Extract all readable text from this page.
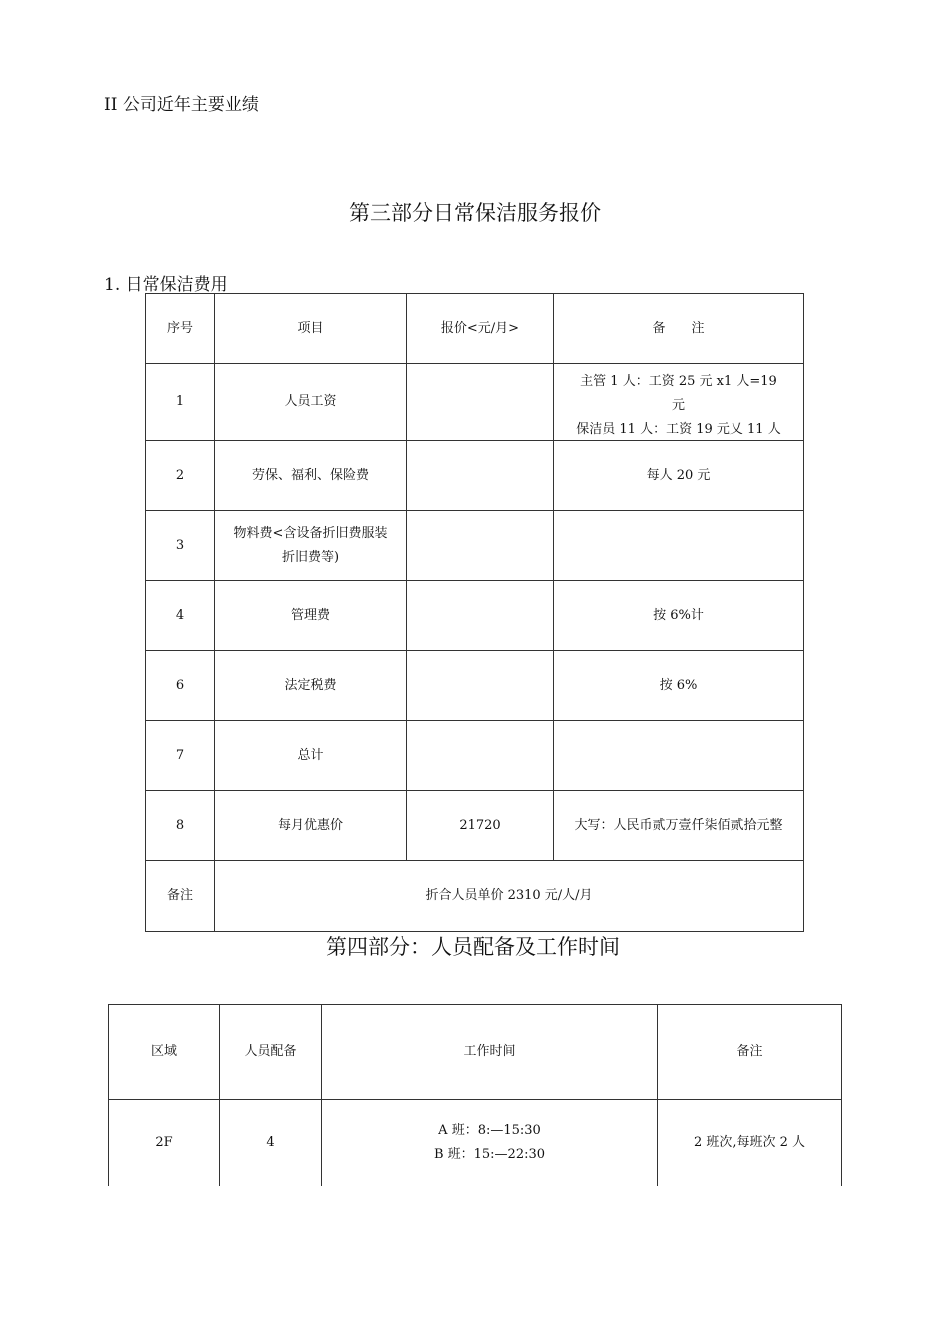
II 公司近年主要业绩
第三部分日常保洁服务报价
1. 日常保洁费用
序号	项目	报价<元/月>	备　　注
1	人员工资		主管 1 人：工资 25 元 x1 人=19
元
保洁员 11 人：工资 19 元乂 11 人

2	劳保、福利、保险费		每人 20 元
3	物料费<含设备折旧费服装
折旧费等)		

4	管理费		按 6%计
6	法定税费		按 6%
7	总计		
8	每月优惠价	21720	大写：人民币贰万壹仟柒佰贰拾元整
备注	折合人员单价 2310 元/人/月		
第四部分：人员配备及工作时间
区域	人员配备	工作时间	备注
2F	4	A 班：8:—15:30
B 班：15:—22:30	2 班次,每班次 2 人
